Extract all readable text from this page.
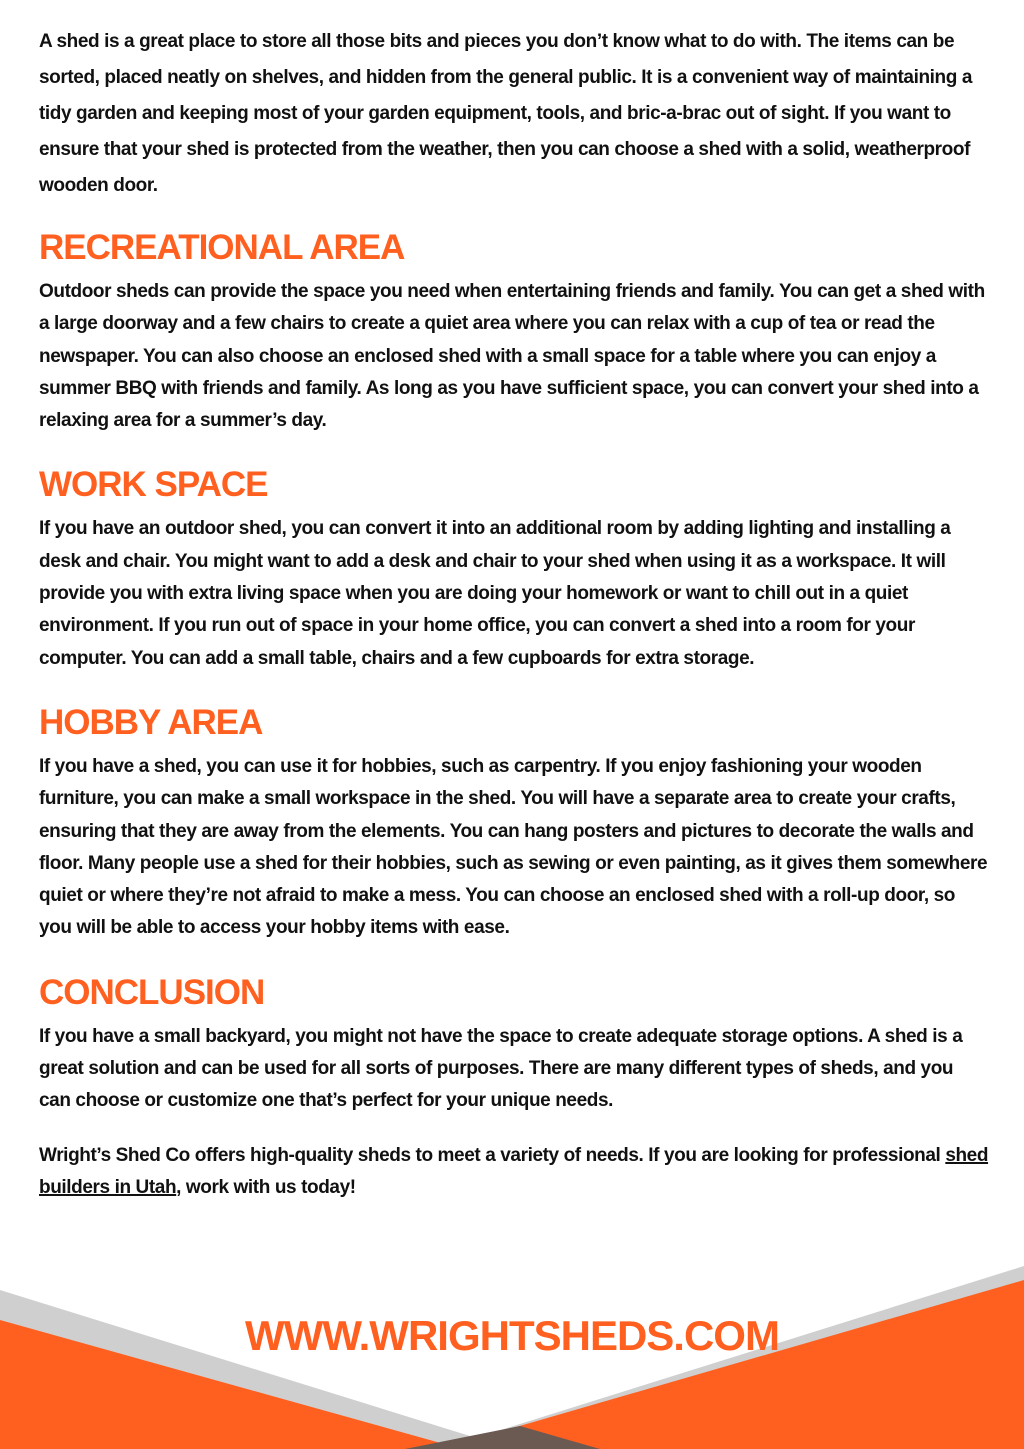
A shed is a great place to store all those bits and pieces you don’t know what to do with. The items can be sorted, placed neatly on shelves, and hidden from the general public. It is a convenient way of maintaining a tidy garden and keeping most of your garden equipment, tools, and bric-a-brac out of sight. If you want to ensure that your shed is protected from the weather, then you can choose a shed with a solid, weatherproof wooden door.

RECREATIONAL AREA

Outdoor sheds can provide the space you need when entertaining friends and family. You can get a shed with a large doorway and a few chairs to create a quiet area where you can relax with a cup of tea or read the newspaper. You can also choose an enclosed shed with a small space for a table where you can enjoy a summer BBQ with friends and family. As long as you have sufficient space, you can convert your shed into a relaxing area for a summer’s day.

WORK SPACE

If you have an outdoor shed, you can convert it into an additional room by adding lighting and installing a desk and chair. You might want to add a desk and chair to your shed when using it as a workspace. It will provide you with extra living space when you are doing your homework or want to chill out in a quiet environment. If you run out of space in your home office, you can convert a shed into a room for your computer. You can add a small table, chairs and a few cupboards for extra storage.

HOBBY AREA

If you have a shed, you can use it for hobbies, such as carpentry. If you enjoy fashioning your wooden furniture, you can make a small workspace in the shed. You will have a separate area to create your crafts, ensuring that they are away from the elements. You can hang posters and pictures to decorate the walls and floor. Many people use a shed for their hobbies, such as sewing or even painting, as it gives them somewhere quiet or where they’re not afraid to make a mess. You can choose an enclosed shed with a roll-up door, so you will be able to access your hobby items with ease.

CONCLUSION

If you have a small backyard, you might not have the space to create adequate storage options. A shed is a great solution and can be used for all sorts of purposes. There are many different types of sheds, and you can choose or customize one that’s perfect for your unique needs.

Wright’s Shed Co offers high-quality sheds to meet a variety of needs. If you are looking for professional shed builders in Utah, work with us today!

WWW.WRIGHTSHEDS.COM
